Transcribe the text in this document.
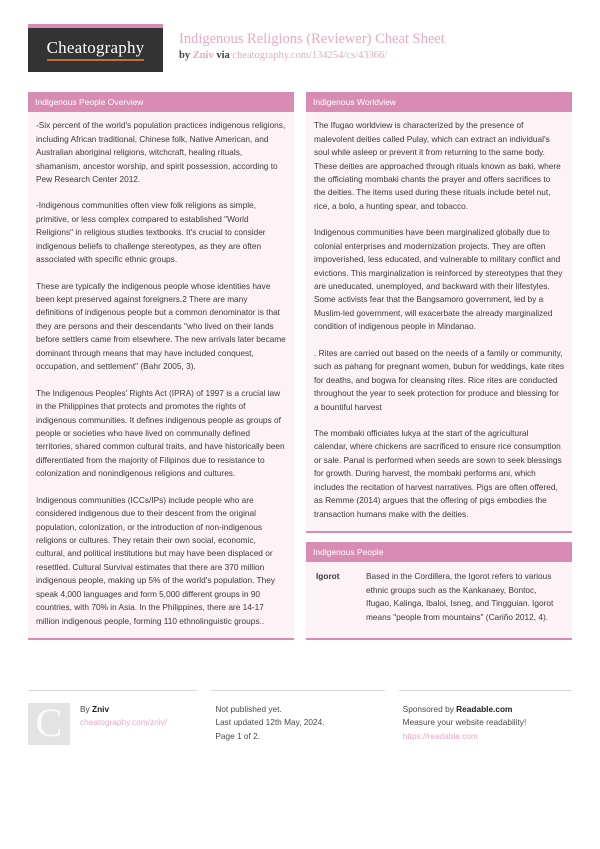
Cheatography Indigenous Religions (Reviewer) Cheat Sheet
by Zniv via cheatography.com/134254/cs/43366/
Indigenous People Overview

-Six percent of the world's population practices indigenous religions, including African traditional, Chinese folk, Native American, and Australian aboriginal religions, witchcraft, healing rituals, shamanism, ancestor worship, and spirit possession, according to Pew Research Center 2012.

-Indigenous communities often view folk religions as simple, primitive, or less complex compared to established "World Religions" in religious studies textbooks. It's crucial to consider indigenous beliefs to challenge stereotypes, as they are often associated with specific ethnic groups.

These are typically the indigenous people whose identities have been kept preserved against foreigners.2 There are many definitions of indigenous people but a common denominator is that they are persons and their descendants "who lived on their lands before settlers came from elsewhere. The new arrivals later became dominant through means that may have included conquest, occupation, and settlement" (Bahr 2005, 3).

The Indigenous Peoples' Rights Act (IPRA) of 1997 is a crucial law in the Philippines that protects and promotes the rights of indigenous communities. It defines indigenous people as groups of people or societies who have lived on communally defined territories, shared common cultural traits, and have historically been differentiated from the majority of Filipinos due to resistance to colonization and nonindigenous religions and cultures.

Indigenous communities (ICCs/IPs) include people who are considered indigenous due to their descent from the original population, colonization, or the introduction of non-indigenous religions or cultures. They retain their own social, economic, cultural, and political institutions but may have been displaced or resettled. Cultural Survival estimates that there are 370 million indigenous people, making up 5% of the world's population. They speak 4,000 languages and form 5,000 different groups in 90 countries, with 70% in Asia. In the Philippines, there are 14-17 million indigenous people, forming 110 ethnolinguistic groups..

Indigenous Worldview

The Ifugao worldview is characterized by the presence of malevolent deities called Pulay, which can extract an individual's soul while asleep or prevent it from returning to the same body. These deities are approached through rituals known as baki, where the officiating mombaki chants the prayer and offers sacrifices to the deities. The items used during these rituals include betel nut, rice, a bolo, a hunting spear, and tobacco.

Indigenous communities have been marginalized globally due to colonial enterprises and modernization projects. They are often impoverished, less educated, and vulnerable to military conflict and evictions. This marginalization is reinforced by stereotypes that they are uneducated, unemployed, and backward with their lifestyles. Some activists fear that the Bangsamoro government, led by a Muslim-led government, will exacerbate the already marginalized condition of indigenous people in Mindanao.

. Rites are carried out based on the needs of a family or community, such as pahang for pregnant women, bubun for weddings, kate rites for deaths, and bogwa for cleansing rites. Rice rites are conducted throughout the year to seek protection for produce and blessing for a bountiful harvest

The mombaki officiates lukya at the start of the agricultural calendar, where chickens are sacrificed to ensure rice consumption or sale. Panal is performed when seeds are sown to seek blessings for growth. During harvest, the mombaki performs ani, which includes the recitation of harvest narratives. Pigs are often offered, as Remme (2014) argues that the offering of pigs embodies the transaction humans make with the deities.

Indigenous People
Igorot	Based in the Cordillera, the Igorot refers to various ethnic groups such as the Kankanaey, Bontoc, Ifugao, Kalinga, Ibaloi, Isneg, and Tingguian. Igorot means "people from mountains" (Cariño 2012, 4).
C	By Zniv
cheatography.com/zniv/
Not published yet.
Last updated 12th May, 2024.
Page 1 of 2.
Sponsored by Readable.com
Measure your website readability!
https://readable.com
